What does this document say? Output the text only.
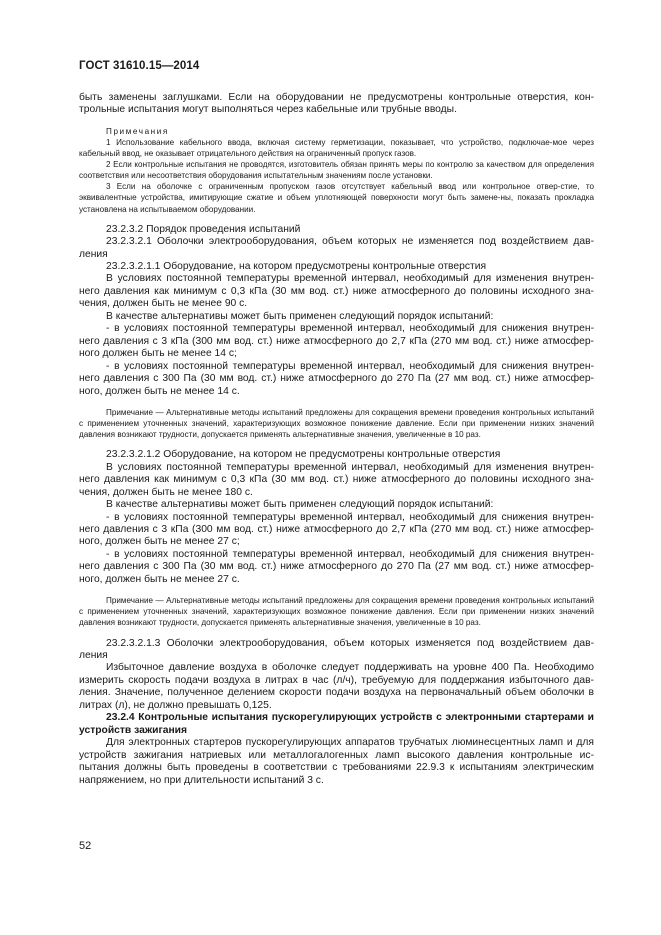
ГОСТ 31610.15—2014

быть заменены заглушками. Если на оборудовании не предусмотрены контрольные отверстия, кон-трольные испытания могут выполняться через кабельные или трубные вводы.

Примечания

1 Использование кабельного ввода, включая систему герметизации, показывает, что устройство, подключае-мое через кабельный ввод, не оказывает отрицательного действия на ограниченный пропуск газов.

2 Если контрольные испытания не проводятся, изготовитель обязан принять меры по контролю за качеством для определения соответствия или несоответствия оборудования испытательным значениям после установки.

3 Если на оболочке с ограниченным пропуском газов отсутствует кабельный ввод или контрольное отвер-стие, то эквивалентные устройства, имитирующие сжатие и объем уплотняющей поверхности могут быть замене-ны, показать прокладка установлена на испытываемом оборудовании.

23.2.3.2 Порядок проведения испытаний

23.2.3.2.1 Оболочки электрооборудования, объем которых не изменяется под воздействием дав-ления

23.2.3.2.1.1 Оборудование, на котором предусмотрены контрольные отверстия

В условиях постоянной температуры временной интервал, необходимый для изменения внутрен-него давления как минимум с 0,3 кПа (30 мм вод. ст.) ниже атмосферного до половины исходного зна-чения, должен быть не менее 90 с.

В качестве альтернативы может быть применен следующий порядок испытаний:

- в условиях постоянной температуры временной интервал, необходимый для снижения внутрен-него давления с 3 кПа (300 мм вод. ст.) ниже атмосферного до 2,7 кПа (270 мм вод. ст.) ниже атмосфер-ного должен быть не менее 14 с;

- в условиях постоянной температуры временной интервал, необходимый для снижения внутрен-него давления с 300 Па (30 мм вод. ст.) ниже атмосферного до 270 Па (27 мм вод. ст.) ниже атмосфер-ного, должен быть не менее 14 с.

Примечание — Альтернативные методы испытаний предложены для сокращения времени проведения контрольных испытаний с применением уточненных значений, характеризующих возможное понижение давление. Если при применении низких значений давления возникают трудности, допускается применять альтернативные значения, увеличенные в 10 раз.

23.2.3.2.1.2 Оборудование, на котором не предусмотрены контрольные отверстия

В условиях постоянной температуры временной интервал, необходимый для изменения внутрен-него давления как минимум с 0,3 кПа (30 мм вод. ст.) ниже атмосферного до половины исходного зна-чения, должен быть не менее 180 с.

В качестве альтернативы может быть применен следующий порядок испытаний:

- в условиях постоянной температуры временной интервал, необходимый для снижения внутрен-него давления с 3 кПа (300 мм вод. ст.) ниже атмосферного до 2,7 кПа (270 мм вод. ст.) ниже атмосфер-ного, должен быть не менее 27 с;

- в условиях постоянной температуры временной интервал, необходимый для снижения внутрен-него давления с 300 Па (30 мм вод. ст.) ниже атмосферного до 270 Па (27 мм вод. ст.) ниже атмосфер-ного, должен быть не менее 27 с.

Примечание — Альтернативные методы испытаний предложены для сокращения времени проведения контрольных испытаний с применением уточненных значений, характеризующих возможное понижение давления. Если при применении низких значений давления возникают трудности, допускается применять альтернативные значения, увеличенные в 10 раз.

23.2.3.2.1.3 Оболочки электрооборудования, объем которых изменяется под воздействием дав-ления

Избыточное давление воздуха в оболочке следует поддерживать на уровне 400 Па. Необходимо измерить скорость подачи воздуха в литрах в час (л/ч), требуемую для поддержания избыточного дав-ления. Значение, полученное делением скорости подачи воздуха на первоначальный объем оболочки в литрах (л), не должно превышать 0,125.

23.2.4 Контрольные испытания пускорегулирующих устройств с электронными стартерами и устройств зажигания

Для электронных стартеров пускорегулирующих аппаратов трубчатых люминесцентных ламп и для устройств зажигания натриевых или металлогалогенных ламп высокого давления контрольные ис-пытания должны быть проведены в соответствии с требованиями 22.9.3 к испытаниям электрическим напряжением, но при длительности испытаний 3 с.

52
